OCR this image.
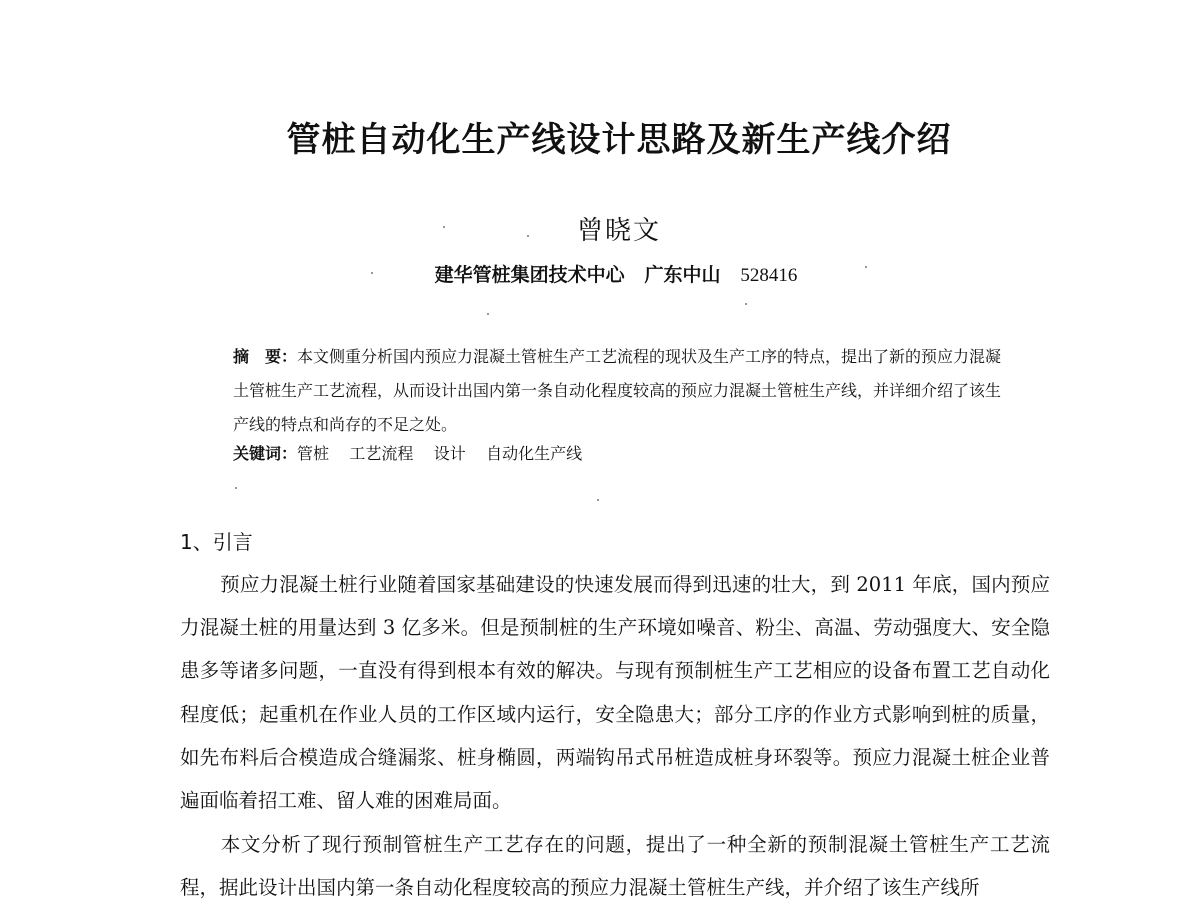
管桩自动化生产线设计思路及新生产线介绍
曾晓文
建华管桩集团技术中心 广东中山 528416
摘　要：本文侧重分析国内预应力混凝土管桩生产工艺流程的现状及生产工序的特点，提出了新的预应力混凝土管桩生产工艺流程，从而设计出国内第一条自动化程度较高的预应力混凝土管桩生产线，并详细介绍了该生产线的特点和尚存的不足之处。
关键词：管桩 工艺流程 设计 自动化生产线
1、引言

预应力混凝土桩行业随着国家基础建设的快速发展而得到迅速的壮大，到 2011 年底，国内预应力混凝土桩的用量达到 3 亿多米。但是预制桩的生产环境如噪音、粉尘、高温、劳动强度大、安全隐患多等诸多问题，一直没有得到根本有效的解决。与现有预制桩生产工艺相应的设备布置工艺自动化程度低；起重机在作业人员的工作区域内运行，安全隐患大；部分工序的作业方式影响到桩的质量，如先布料后合模造成合缝漏浆、桩身椭圆，两端钩吊式吊桩造成桩身环裂等。预应力混凝土桩企业普遍面临着招工难、留人难的困难局面。

本文分析了现行预制管桩生产工艺存在的问题，提出了一种全新的预制混凝土管桩生产工艺流程，据此设计出国内第一条自动化程度较高的预应力混凝土管桩生产线，并介绍了该生产线所
